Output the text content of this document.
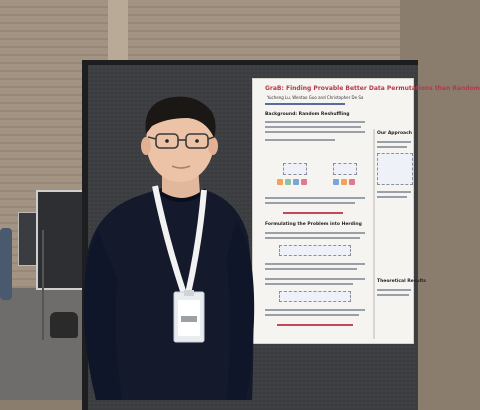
GraB: Finding Provable Better Data Permutations than Random
Yucheng Lu, Wentao Guo and Christopher De Sa
Background: Random Reshuffling
Our Approach
Formulating the Problem into Herding
Theoretical Results
